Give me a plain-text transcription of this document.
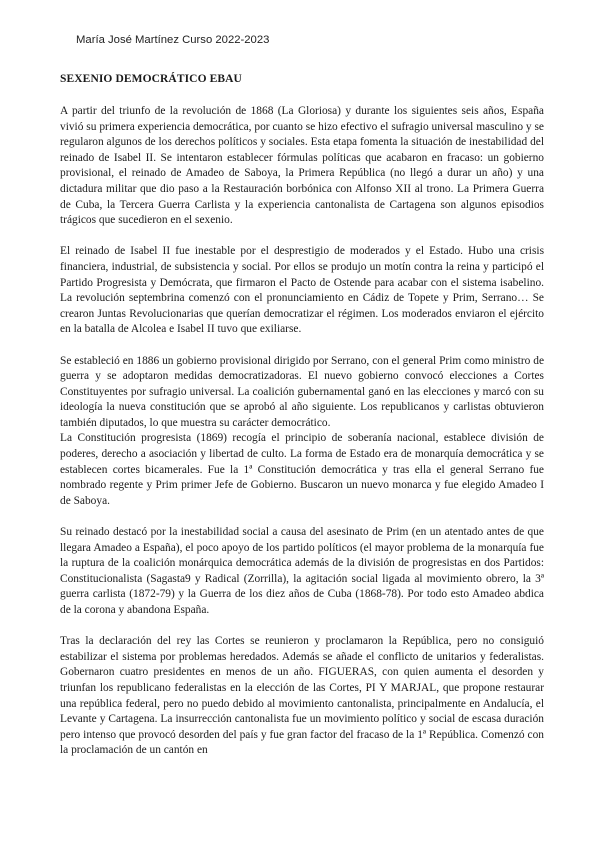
María José Martínez Curso 2022-2023
SEXENIO DEMOCRÁTICO EBAU

A partir del triunfo de la revolución de 1868 (La Gloriosa) y durante los siguientes seis años, España vivió su primera experiencia democrática, por cuanto se hizo efectivo el sufragio universal masculino y se regularon algunos de los derechos políticos y sociales. Esta etapa fomenta la situación de inestabilidad del reinado de Isabel II. Se intentaron establecer fórmulas políticas que acabaron en fracaso: un gobierno provisional, el reinado de Amadeo de Saboya, la Primera República (no llegó a durar un año) y una dictadura militar que dio paso a la Restauración borbónica con Alfonso XII al trono. La Primera Guerra de Cuba, la Tercera Guerra Carlista y la experiencia cantonalista de Cartagena son algunos episodios trágicos que sucedieron en el sexenio.

El reinado de Isabel II fue inestable por el desprestigio de moderados y el Estado. Hubo una crisis financiera, industrial, de subsistencia y social. Por ellos se produjo un motín contra la reina y participó el Partido Progresista y Demócrata, que firmaron el Pacto de Ostende para acabar con el sistema isabelino. La revolución septembrina comenzó con el pronunciamiento en Cádiz de Topete y Prim, Serrano… Se crearon Juntas Revolucionarias que querían democratizar el régimen. Los moderados enviaron el ejército en la batalla de Alcolea e Isabel II tuvo que exiliarse.

Se estableció en 1886 un gobierno provisional dirigido por Serrano, con el general Prim como ministro de guerra y se adoptaron medidas democratizadoras. El nuevo gobierno convocó elecciones a Cortes Constituyentes por sufragio universal. La coalición gubernamental ganó en las elecciones y marcó con su ideología la nueva constitución que se aprobó al año siguiente. Los republicanos y carlistas obtuvieron también diputados, lo que muestra su carácter democrático.

La Constitución progresista (1869) recogía el principio de soberanía nacional, establece división de poderes, derecho a asociación y libertad de culto. La forma de Estado era de monarquía democrática y se establecen cortes bicamerales. Fue la 1ª Constitución democrática y tras ella el general Serrano fue nombrado regente y Prim primer Jefe de Gobierno. Buscaron un nuevo monarca y fue elegido Amadeo I de Saboya.

Su reinado destacó por la inestabilidad social a causa del asesinato de Prim (en un atentado antes de que llegara Amadeo a España), el poco apoyo de los partido políticos (el mayor problema de la monarquía fue la ruptura de la coalición monárquica democrática además de la división de progresistas en dos Partidos: Constitucionalista (Sagasta9 y Radical (Zorrilla), la agitación social ligada al movimiento obrero, la 3ª guerra carlista (1872-79) y la Guerra de los diez años de Cuba (1868-78). Por todo esto Amadeo abdica de la corona y abandona España.

Tras la declaración del rey las Cortes se reunieron y proclamaron la República, pero no consiguió estabilizar el sistema por problemas heredados. Además se añade el conflicto de unitarios y federalistas. Gobernaron cuatro presidentes en menos de un año. FIGUERAS, con quien aumenta el desorden y triunfan los republicano federalistas en la elección de las Cortes, PI Y MARJAL, que propone restaurar una república federal, pero no puedo debido al movimiento cantonalista, principalmente en Andalucía, el Levante y Cartagena. La insurrección cantonalista fue un movimiento político y social de escasa duración pero intenso que provocó desorden del país y fue gran factor del fracaso de la 1ª República. Comenzó con la proclamación de un cantón en
